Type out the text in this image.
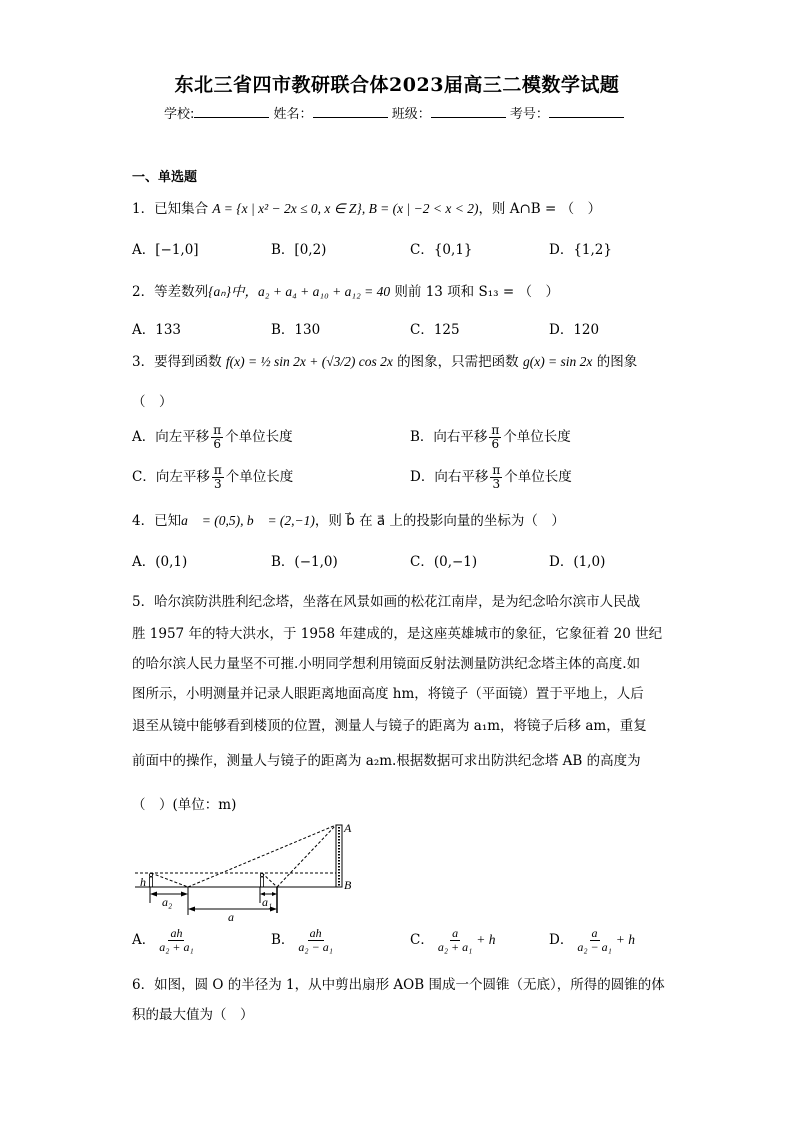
东北三省四市教研联合体2023届高三二模数学试题
学校:	姓名：	班级：	考号：
一、单选题
1．已知集合 A = {x | x² − 2x ≤ 0, x ∈ Z}, B = (x | −2 < x < 2)，则 A∩B = （　）
A．[−1,0]	B．[0,2)	C．{0,1}	D．{1,2}
2．等差数列{aₙ}中，a₂ + a₄ + a₁₀ + a₁₂ = 40 则前 13 项和 S₁₃ = （　）
A．133	B．130	C．125	D．120
3．要得到函数 f(x) = ½ sin 2x + (√3/2) cos 2x 的图象，只需把函数 g(x) = sin 2x 的图象
（　）
A．向左平移 $\frac{\pi}{6}$ 个单位长度	B．向右平移 $\frac{\pi}{6}$ 个单位长度
C．向左平移 $\frac{\pi}{3}$ 个单位长度	D．向右平移 $\frac{\pi}{3}$ 个单位长度
4．已知a⃗ = (0,5), b⃗ = (2,−1)，则 b⃗ 在 a⃗ 上的投影向量的坐标为（　）
A．(0,1)	B．(−1,0)	C．(0,−1)	D．(1,0)
5．哈尔滨防洪胜利纪念塔，坐落在风景如画的松花江南岸，是为纪念哈尔滨市人民战
胜 1957 年的特大洪水，于 1958 年建成的，是这座英雄城市的象征，它象征着 20 世纪
的哈尔滨人民力量坚不可摧.小明同学想利用镜面反射法测量防洪纪念塔主体的高度.如
图所示，小明测量并记录人眼距离地面高度 hm，将镜子（平面镜）置于平地上，人后
退至从镜中能够看到楼顶的位置，测量人与镜子的距离为 a₁m，将镜子后移 am，重复
前面中的操作，测量人与镜子的距离为 a₂m.根据数据可求出防洪纪念塔 AB 的高度为
（　）(单位：m)
A
B
h
a₂	a₁
a
A． $\frac{ah}{\text{a₂ + a₁}}$	B． $\frac{ah}{\text{a₂ − a₁}}$	C． $\frac{a}{\text{a₂ + a₁}} + h$	D． $\frac{a}{\text{a₂ − a₁}} + h$
6．如图，圆 O 的半径为 1，从中剪出扇形 AOB 围成一个圆锥（无底），所得的圆锥的体
积的最大值为（　）
